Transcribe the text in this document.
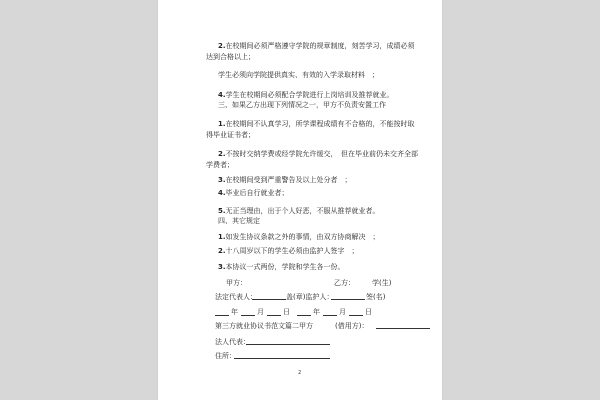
2.在校期间必须严格遵守学院的规章制度，刻苦学习，成绩必须
达到合格以上；
学生必须向学院提供真实、有效的入学录取材料　；
4.学生在校期间必须配合学院进行上岗培训及推荐就业。
三、如果乙方出现下列情况之一，甲方不负责安置工作
1.在校期间不认真学习，所学课程成绩有不合格的，不能按时取
得毕业证书者；
2.不按时交纳学费或经学院允许缓交，　但在毕业前仍未交齐全部
学费者；
3.在校期间受到严重警告及以上处分者　；
4.毕业后自行就业者；
5.无正当理由，出于个人好恶，不服从推荐就业者。
四、其它规定
1.如发生协议条款之外的事情，由双方协商解决　；
2.十八周岁以下的学生必须由监护人签字　；
3.本协议一式两份，学院和学生各一份。
甲方：	乙方： 学(生)
法定代表人：	盖(章)监护人：	签(名)
年	月	日	年	月	日
第三方就业协议书范文篇二甲方	(借用方)：
法人代表：
住所：
2
